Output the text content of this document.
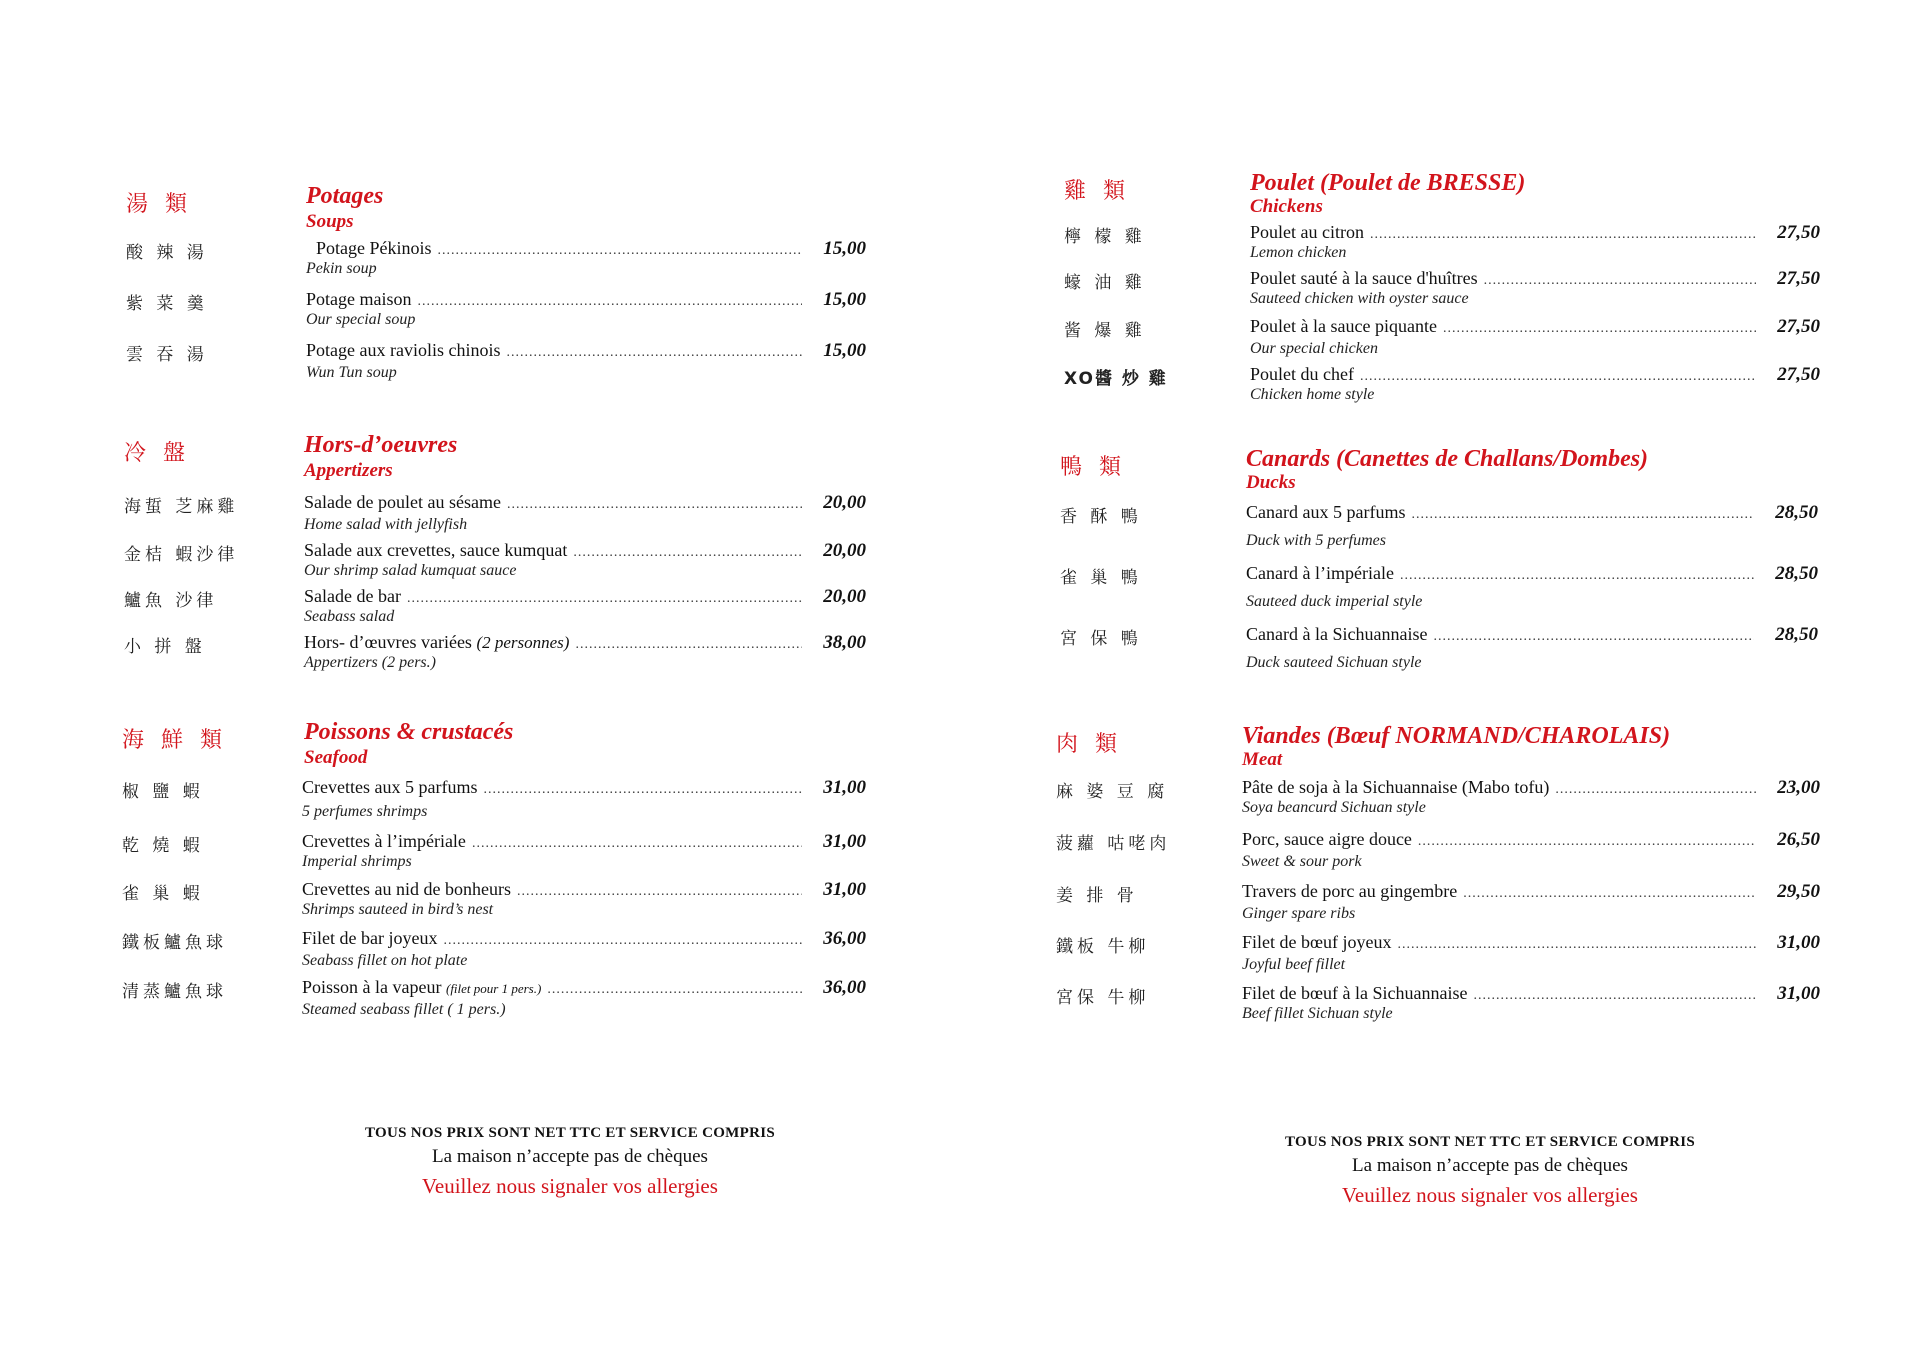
湯 類	Potages
Soups
酸 辣 湯	Potage Pékinois .....	15,00
Pekin soup
紫 菜 羹	Potage maison .....	15,00
Our special soup
雲 吞 湯	Potage aux raviolis chinois .....	15,00
Wun Tun soup
冷 盤	Hors-d’oeuvres
Appertizers
海蜇 芝麻雞	Salade de poulet au sésame .....	20,00
Home salad with jellyfish
金桔 蝦沙律	Salade aux crevettes, sauce kumquat .....	20,00
Our shrimp salad kumquat sauce
鱸魚 沙律	Salade de bar .....	20,00
Seabass salad
小 拼 盤	Hors- d’œuvres variées (2 personnes) .....	38,00
Appertizers (2 pers.)
海 鮮 類	Poissons & crustacés
Seafood
椒 鹽 蝦	Crevettes aux 5 parfums .....	31,00
5 perfumes shrimps
乾 燒 蝦	Crevettes à l’impériale .....	31,00
Imperial shrimps
雀 巢 蝦	Crevettes au nid de bonheurs .....	31,00
Shrimps sauteed in bird’s nest
鐵板鱸魚球	Filet de bar joyeux .....	36,00
Seabass fillet on hot plate
清蒸鱸魚球	Poisson à la vapeur (filet pour 1 pers.) .....	36,00
Steamed seabass fillet ( 1 pers.)
TOUS NOS PRIX SONT NET TTC ET SERVICE COMPRIS
La maison n’accepte pas de chèques
Veuillez nous signaler vos allergies
雞 類	Poulet (Poulet de BRESSE)
Chickens
檸 檬 雞	Poulet au citron .....	27,50
Lemon chicken
蠔 油 雞	Poulet sauté à la sauce d'huîtres .....	27,50
Sauteed chicken with oyster sauce
酱 爆 雞	Poulet à la sauce piquante .....	27,50
Our special chicken
XO醬 炒 雞	Poulet du chef .....	27,50
Chicken home style
鴨 類	Canards (Canettes de Challans/Dombes)
Ducks
香 酥 鴨	Canard aux 5 parfums .....	28,50
Duck with 5 perfumes
雀 巢 鴨	Canard à l’impériale .....	28,50
Sauteed duck imperial style
宮 保 鴨	Canard à la Sichuannaise .....	28,50
Duck sauteed Sichuan style
肉 類	Viandes (Bœuf NORMAND/CHAROLAIS)
Meat
麻 婆 豆 腐	Pâte de soja à la Sichuannaise (Mabo tofu) .....	23,00
Soya beancurd Sichuan style
菠蘿 咕咾肉	Porc, sauce aigre douce .....	26,50
Sweet & sour pork
姜 排 骨	Travers de porc au gingembre .....	29,50
Ginger spare ribs
鐵板 牛柳	Filet de bœuf joyeux .....	31,00
Joyful beef fillet
宮保 牛柳	Filet de bœuf à la Sichuannaise .....	31,00
Beef fillet Sichuan style
TOUS NOS PRIX SONT NET TTC ET SERVICE COMPRIS
La maison n’accepte pas de chèques
Veuillez nous signaler vos allergies
